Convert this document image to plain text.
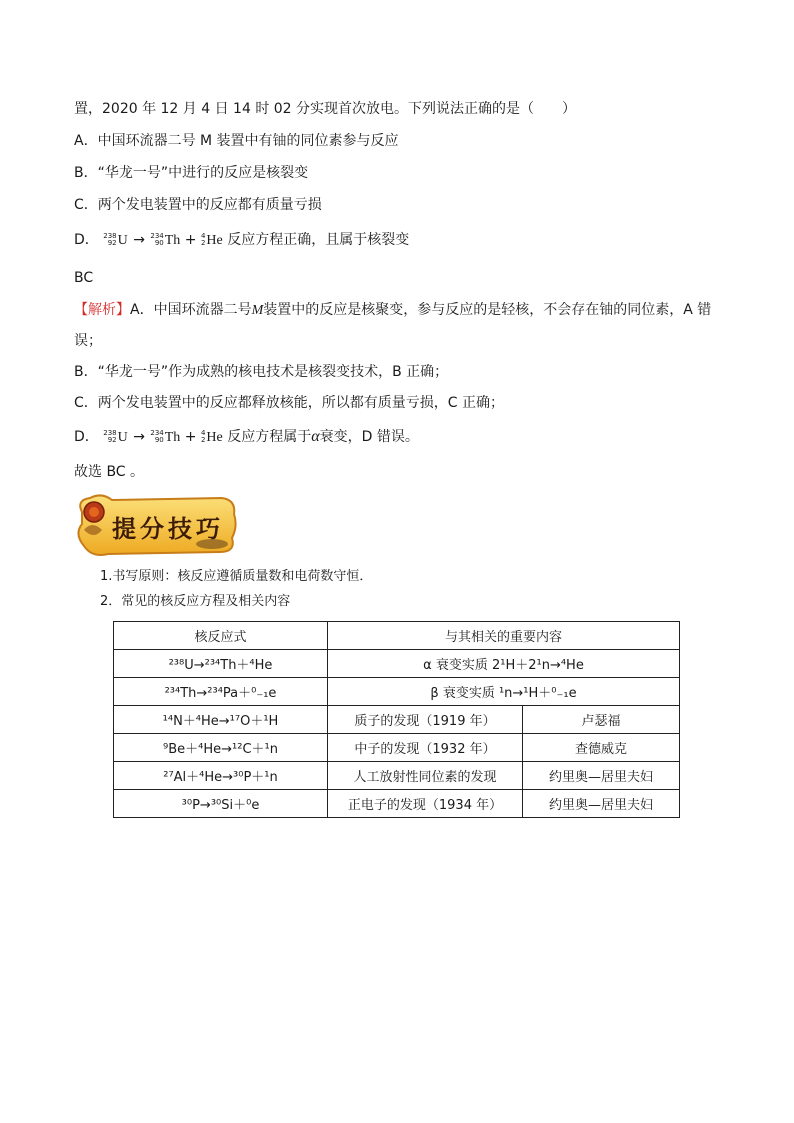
置，2020 年 12 月 4 日 14 时 02 分实现首次放电。下列说法正确的是（　　）
A．中国环流器二号 M 装置中有铀的同位素参与反应
B．“华龙一号”中进行的反应是核裂变
C．两个发电装置中的反应都有质量亏损
D． 238
92 U → 234
90 Th + 4
2 He 反应方程正确，且属于核裂变
BC
【解析】A．中国环流器二号M装置中的反应是核聚变，参与反应的是轻核，不会存在铀的同位素，A 错
误；
B．“华龙一号”作为成熟的核电技术是核裂变技术，B 正确；
C．两个发电装置中的反应都释放核能，所以都有质量亏损，C 正确；
D． 238
92 U → 234
90 Th + 4
2 He 反应方程属于α衰变，D 错误。
故选 BC 。
提分技巧
1.书写原则：核反应遵循质量数和电荷数守恒．
2．常见的核反应方程及相关内容
核反应式	与其相关的重要内容	
²³⁸U→²³⁴Th＋⁴He	α 衰变实质 2¹H＋2¹n→⁴He	
²³⁴Th→²³⁴Pa＋⁰₋₁e	β 衰变实质 ¹n→¹H＋⁰₋₁e	
¹⁴N＋⁴He→¹⁷O＋¹H	质子的发现（1919 年）	卢瑟福
⁹Be＋⁴He→¹²C＋¹n	中子的发现（1932 年）	查德威克
²⁷Al＋⁴He→³⁰P＋¹n	人工放射性同位素的发现	约里奥—居里夫妇
³⁰P→³⁰Si＋⁰e	正电子的发现（1934 年）	约里奥—居里夫妇
